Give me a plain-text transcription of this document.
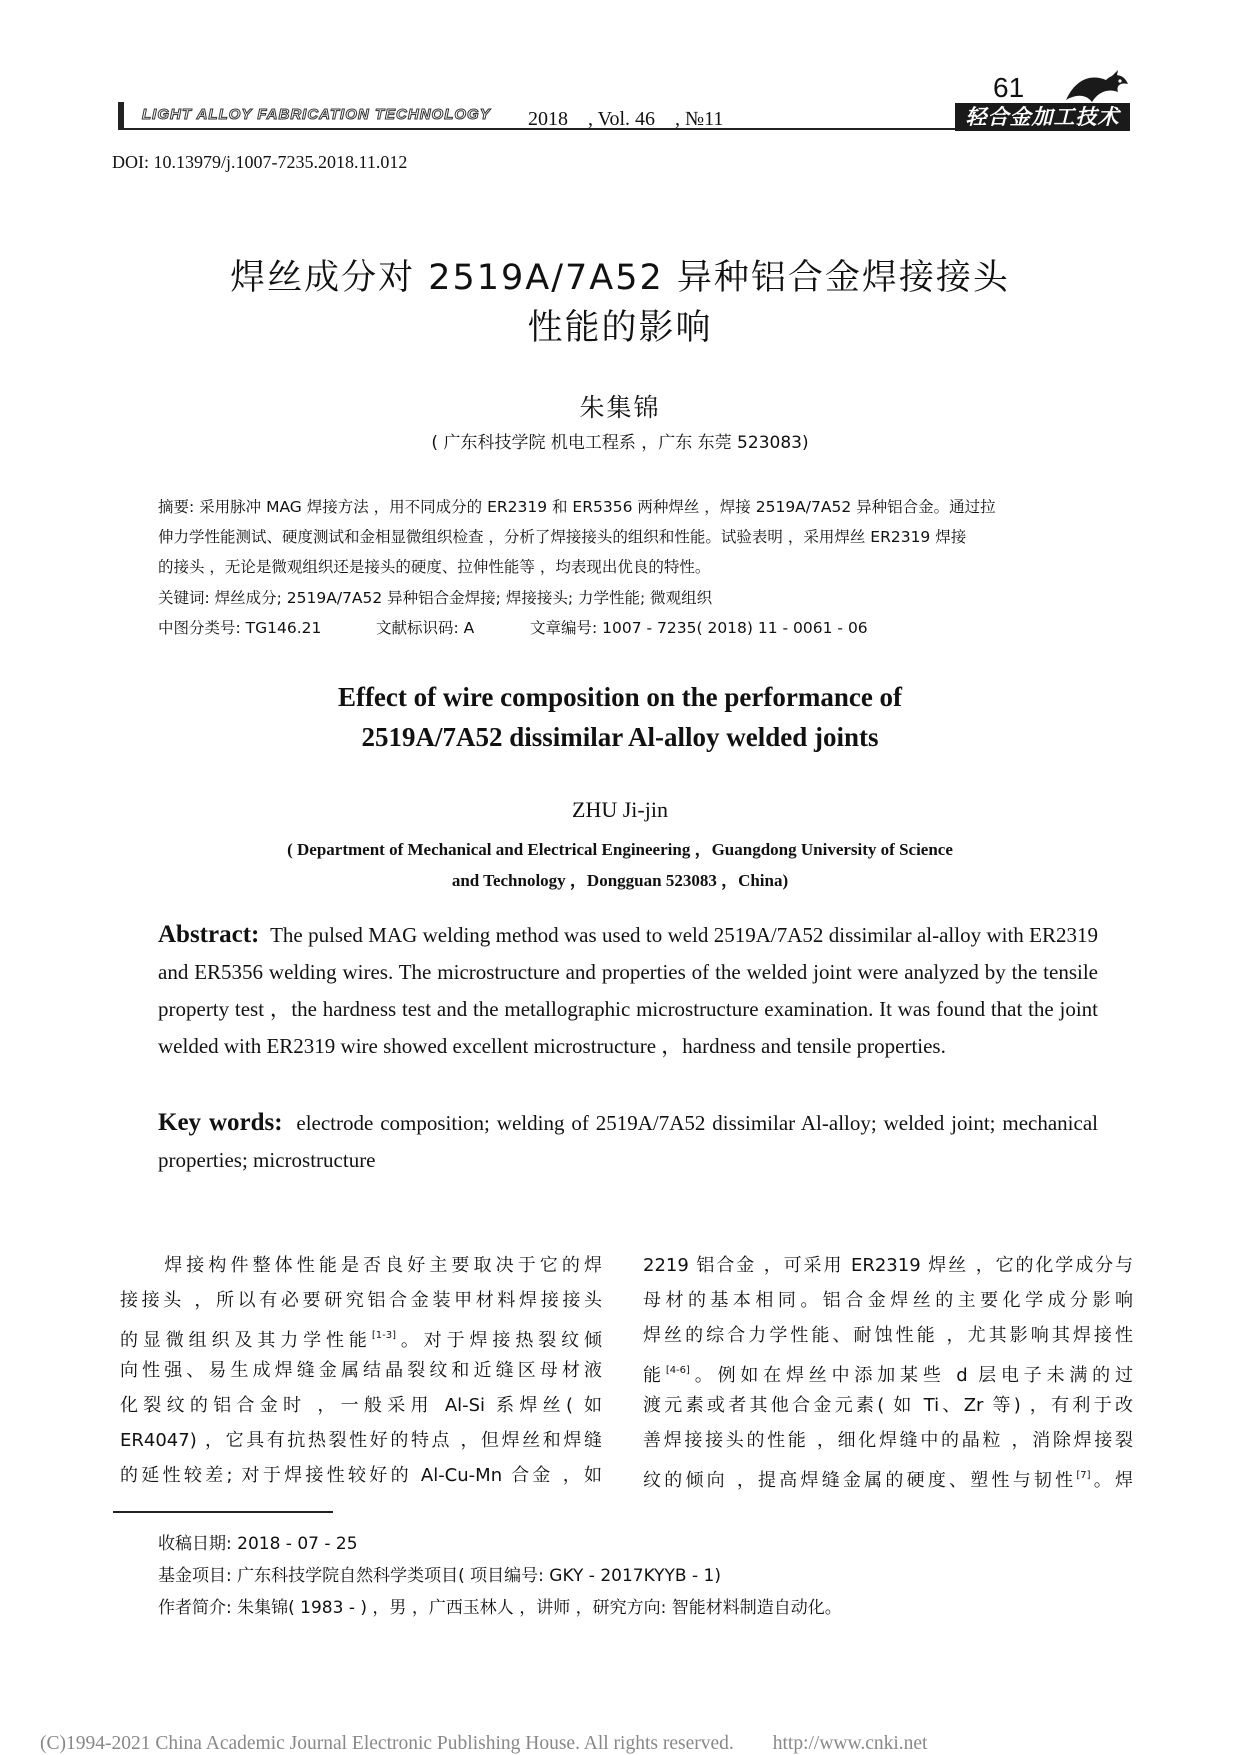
LIGHT ALLOY FABRICATION TECHNOLOGY 2018　, Vol. 46　, №11
61
轻合金加工技术
DOI: 10.13979/j.1007-7235.2018.11.012
焊丝成分对 2519A/7A52 异种铝合金焊接接头
性能的影响
朱集锦
( 广东科技学院 机电工程系 ，广东 东莞 523083)
摘要: 采用脉冲 MAG 焊接方法 ，用不同成分的 ER2319 和 ER5356 两种焊丝 ，焊接 2519A/7A52 异种铝合金。通过拉
伸力学性能测试、硬度测试和金相显微组织检查 ，分析了焊接接头的组织和性能。试验表明 ，采用焊丝 ER2319 焊接
的接头 ，无论是微观组织还是接头的硬度、拉伸性能等 ，均表现出优良的特性。
关键词: 焊丝成分; 2519A/7A52 异种铝合金焊接; 焊接接头; 力学性能; 微观组织
中图分类号: TG146.21	文献标识码: A	文章编号: 1007 - 7235( 2018) 11 - 0061 - 06
Effect of wire composition on the performance of
2519A/7A52 dissimilar Al-alloy welded joints
ZHU Ji-jin
( Department of Mechanical and Electrical Engineering ，Guangdong University of Science
and Technology ，Dongguan 523083 ，China)
Abstract: The pulsed MAG welding method was used to weld 2519A/7A52 dissimilar al-alloy with ER2319 and ER5356 welding wires. The microstructure and properties of the welded joint were analyzed by the tensile property test ，the hardness test and the metallographic microstructure examination. It was found that the joint welded with ER2319 wire showed excellent microstructure ，hardness and tensile properties.
Key words: electrode composition; welding of 2519A/7A52 dissimilar Al-alloy; welded joint; mechanical properties; microstructure
　　焊接构件整体性能是否良好主要取决于它的焊
接接头 ，所以有必要研究铝合金装甲材料焊接接头
的显微组织及其力学性能[1-3]。对于焊接热裂纹倾
向性强、易生成焊缝金属结晶裂纹和近缝区母材液
化裂纹的铝合金时 ，一般采用 Al-Si 系焊丝( 如
ER4047) ，它具有抗热裂性好的特点 ，但焊丝和焊缝
的延性较差; 对于焊接性较好的 Al-Cu-Mn 合金 ，如
2219 铝合金 ，可采用 ER2319 焊丝 ，它的化学成分与
母材的基本相同。铝合金焊丝的主要化学成分影响
焊丝的综合力学性能、耐蚀性能 ，尤其影响其焊接性
能[4-6]。例如在焊丝中添加某些 d 层电子未满的过
渡元素或者其他合金元素( 如 Ti、Zr 等) ，有利于改
善焊接接头的性能 ，细化焊缝中的晶粒 ，消除焊接裂
纹的倾向 ，提高焊缝金属的硬度、塑性与韧性[7]。焊
收稿日期: 2018 - 07 - 25
基金项目: 广东科技学院自然科学类项目( 项目编号: GKY - 2017KYYB - 1)
作者简介: 朱集锦( 1983 - ) ，男 ，广西玉林人 ，讲师 ，研究方向: 智能材料制造自动化。
(C)1994-2021 China Academic Journal Electronic Publishing House. All rights reserved.　　http://www.cnki.net
